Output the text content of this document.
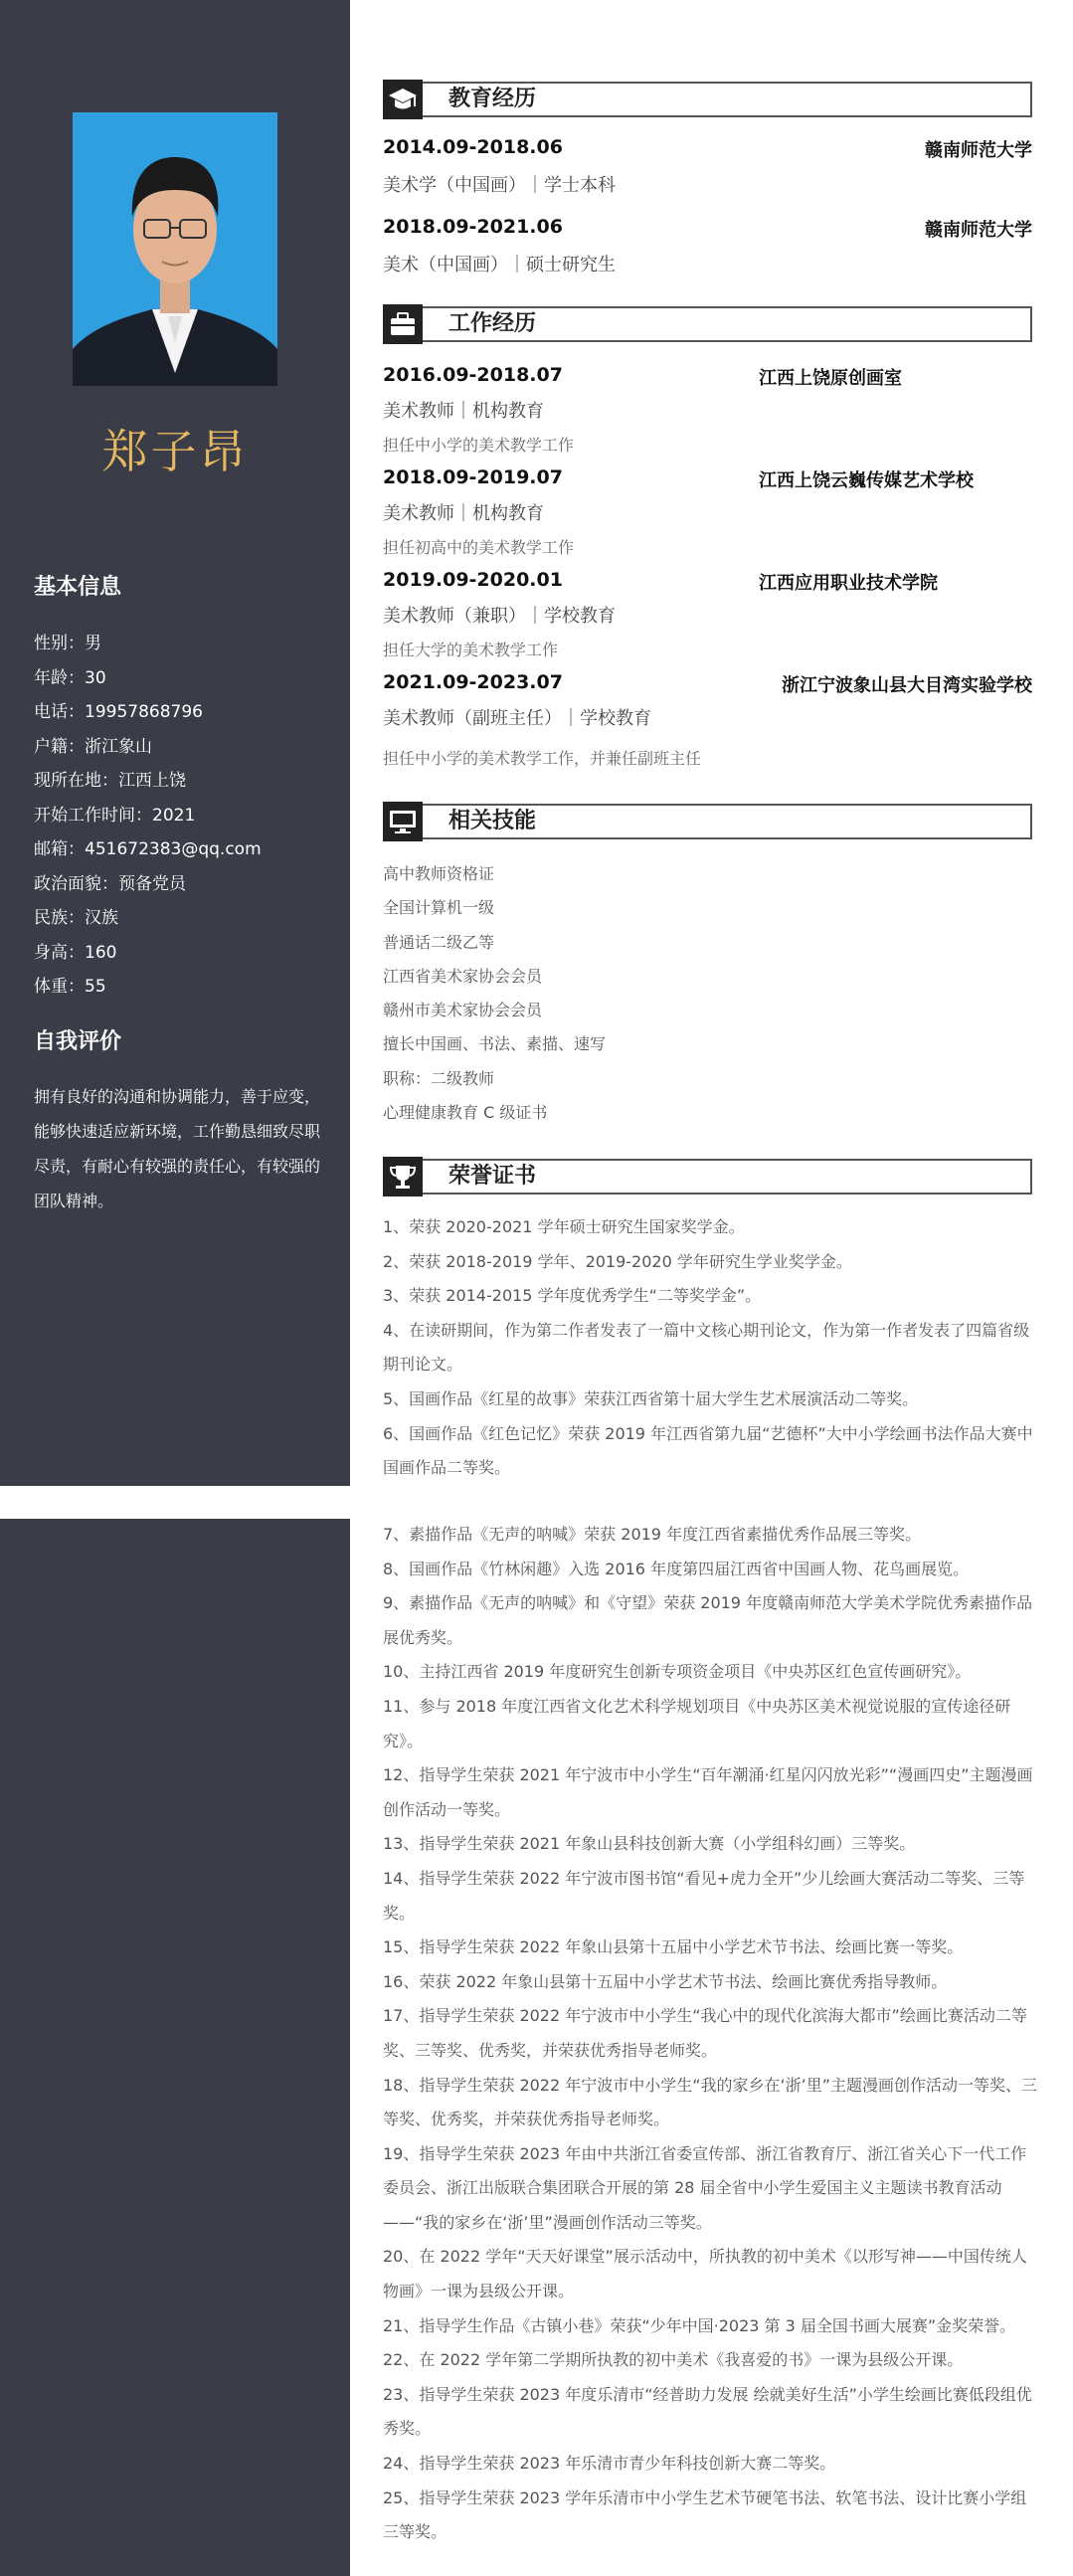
郑子昂
基本信息
性别：男
年龄：30
电话：19957868796
户籍：浙江象山
现所在地：江西上饶
开始工作时间：2021
邮箱：451672383@qq.com
政治面貌：预备党员
民族：汉族
身高：160
体重：55
自我评价
拥有良好的沟通和协调能力，善于应变，能够快速适应新环境，工作勤恳细致尽职尽责，有耐心有较强的责任心，有较强的团队精神。
教育经历
2014.09-2018.06	赣南师范大学
美术学（中国画）｜学士本科
2018.09-2021.06	赣南师范大学
美术（中国画）｜硕士研究生
工作经历
2016.09-2018.07	江西上饶原创画室
美术教师｜机构教育
担任中小学的美术教学工作
2018.09-2019.07	江西上饶云巍传媒艺术学校
美术教师｜机构教育
担任初高中的美术教学工作
2019.09-2020.01	江西应用职业技术学院
美术教师（兼职）｜学校教育
担任大学的美术教学工作
2021.09-2023.07	浙江宁波象山县大目湾实验学校
美术教师（副班主任）｜学校教育
担任中小学的美术教学工作，并兼任副班主任
相关技能
高中教师资格证
全国计算机一级
普通话二级乙等
江西省美术家协会会员
赣州市美术家协会会员
擅长中国画、书法、素描、速写
职称：二级教师
心理健康教育 C 级证书
荣誉证书
1、荣获 2020-2021 学年硕士研究生国家奖学金。
2、荣获 2018-2019 学年、2019-2020 学年研究生学业奖学金。
3、荣获 2014-2015 学年度优秀学生“二等奖学金”。
4、在读研期间，作为第二作者发表了一篇中文核心期刊论文，作为第一作者发表了四篇省级期刊论文。
5、国画作品《红星的故事》荣获江西省第十届大学生艺术展演活动二等奖。
6、国画作品《红色记忆》荣获 2019 年江西省第九届“艺德杯”大中小学绘画书法作品大赛中国画作品二等奖。
7、素描作品《无声的呐喊》荣获 2019 年度江西省素描优秀作品展三等奖。
8、国画作品《竹林闲趣》入选 2016 年度第四届江西省中国画人物、花鸟画展览。
9、素描作品《无声的呐喊》和《守望》荣获 2019 年度赣南师范大学美术学院优秀素描作品展优秀奖。
10、主持江西省 2019 年度研究生创新专项资金项目《中央苏区红色宣传画研究》。
11、参与 2018 年度江西省文化艺术科学规划项目《中央苏区美术视觉说服的宣传途径研究》。
12、指导学生荣获 2021 年宁波市中小学生“百年潮涌·红星闪闪放光彩”“漫画四史”主题漫画创作活动一等奖。
13、指导学生荣获 2021 年象山县科技创新大赛（小学组科幻画）三等奖。
14、指导学生荣获 2022 年宁波市图书馆“看见+虎力全开”少儿绘画大赛活动二等奖、三等奖。
15、指导学生荣获 2022 年象山县第十五届中小学艺术节书法、绘画比赛一等奖。
16、荣获 2022 年象山县第十五届中小学艺术节书法、绘画比赛优秀指导教师。
17、指导学生荣获 2022 年宁波市中小学生“我心中的现代化滨海大都市”绘画比赛活动二等奖、三等奖、优秀奖，并荣获优秀指导老师奖。
18、指导学生荣获 2022 年宁波市中小学生“我的家乡在‘浙’里”主题漫画创作活动一等奖、三等奖、优秀奖，并荣获优秀指导老师奖。
19、指导学生荣获 2023 年由中共浙江省委宣传部、浙江省教育厅、浙江省关心下一代工作委员会、浙江出版联合集团联合开展的第 28 届全省中小学生爱国主义主题读书教育活动——“我的家乡在‘浙’里”漫画创作活动三等奖。
20、在 2022 学年“天天好课堂”展示活动中，所执教的初中美术《以形写神——中国传统人物画》一课为县级公开课。
21、指导学生作品《古镇小巷》荣获“少年中国·2023 第 3 届全国书画大展赛”金奖荣誉。
22、在 2022 学年第二学期所执教的初中美术《我喜爱的书》一课为县级公开课。
23、指导学生荣获 2023 年度乐清市“经普助力发展 绘就美好生活”小学生绘画比赛低段组优秀奖。
24、指导学生荣获 2023 年乐清市青少年科技创新大赛二等奖。
25、指导学生荣获 2023 学年乐清市中小学生艺术节硬笔书法、软笔书法、设计比赛小学组三等奖。
